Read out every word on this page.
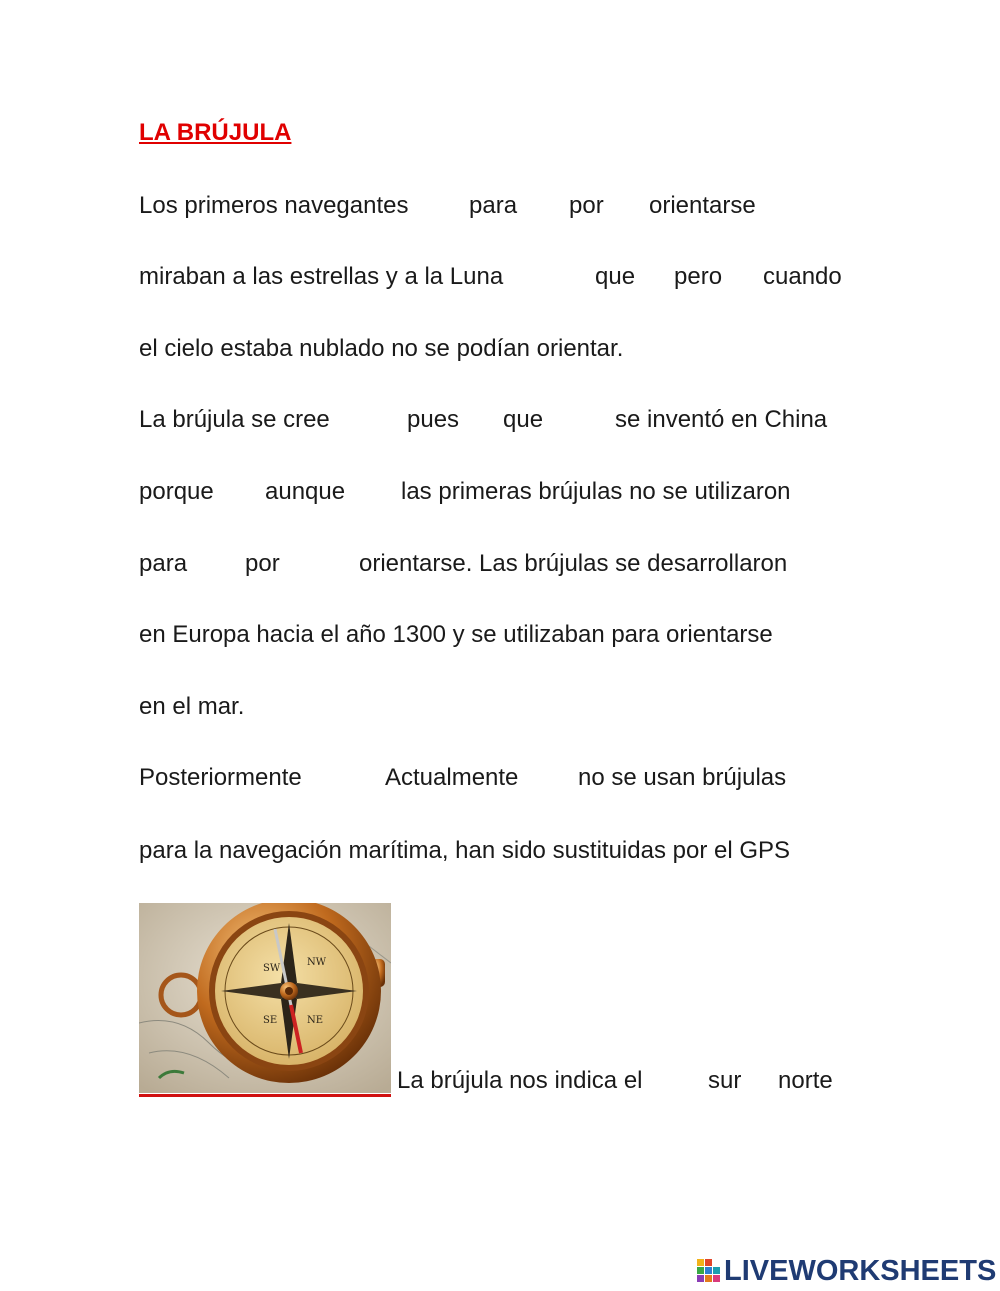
LA BRÚJULA
Los primeros navegantes	para por orientarse
miraban a las estrellas y a la Luna	que pero cuando
el cielo estaba nublado no se podían orientar.
La brújula se cree	pues que	se inventó en China
porque aunque las primeras brújulas no se utilizaron
para por	orientarse. Las brújulas se desarrollaron
en Europa hacia el año 1300 y se utilizaban para orientarse
en el mar.
Posteriormente	Actualmente no se usan brújulas
para la navegación marítima, han sido sustituidas por el GPS
SW
NW
SE	NE
La brújula nos indica el	sur norte
LIVEWORKSHEETS
